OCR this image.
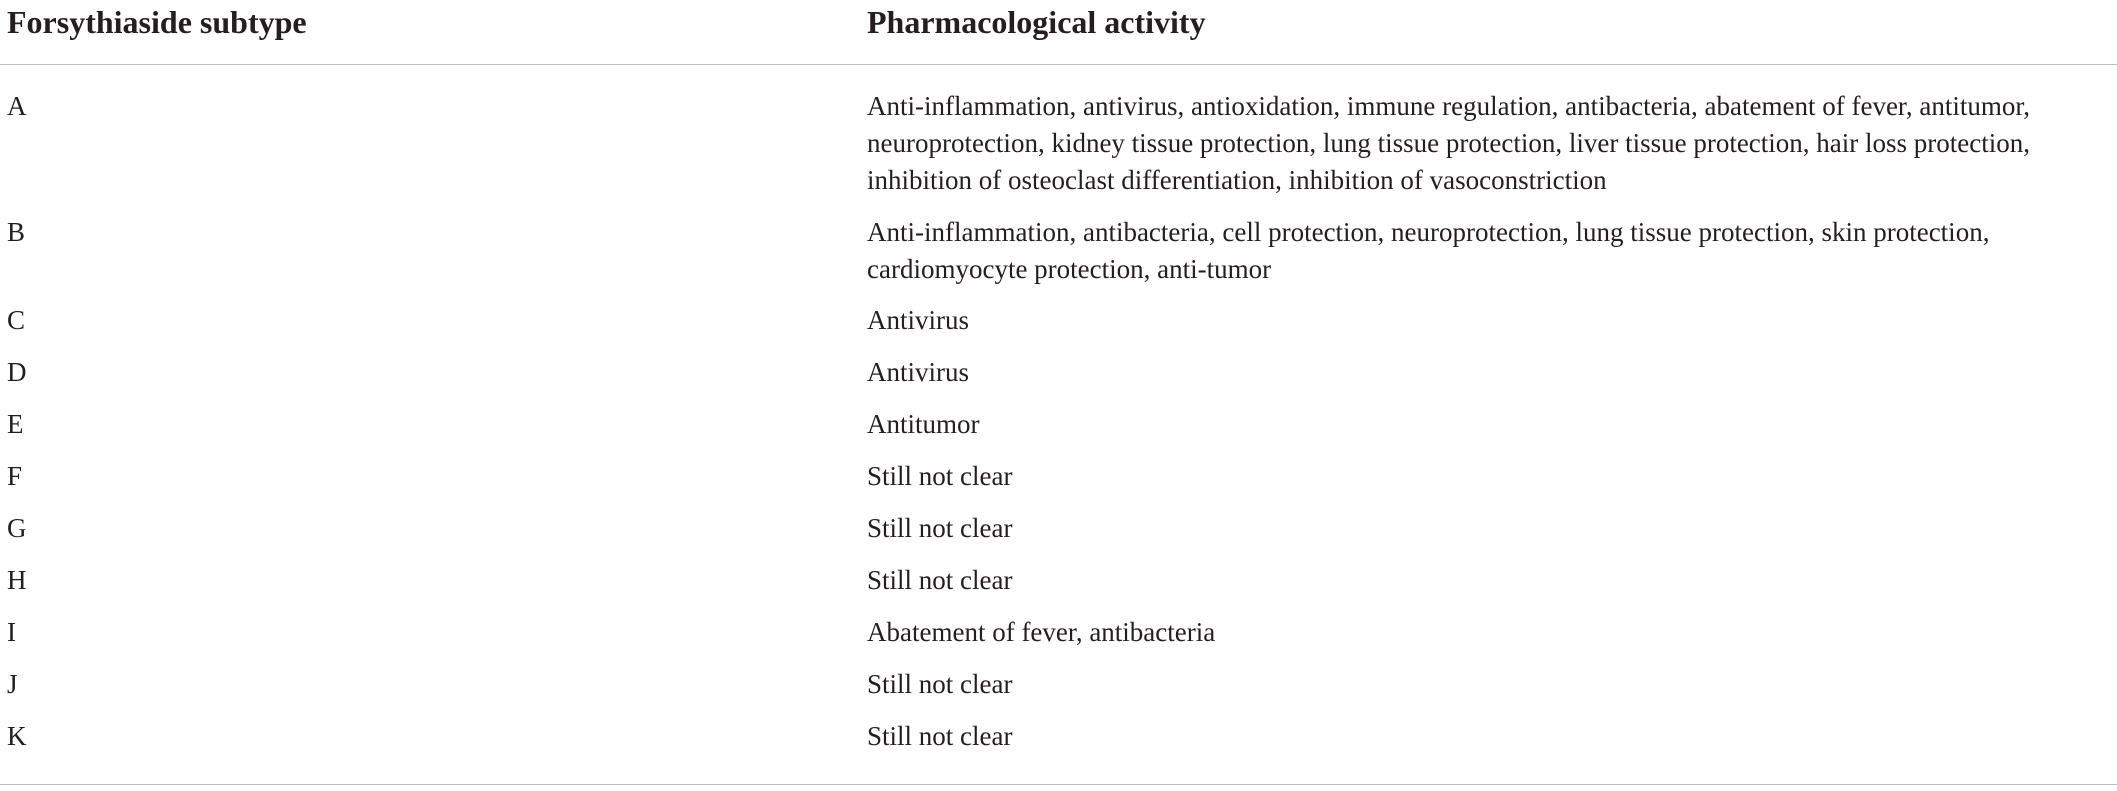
Forsythiaside subtype	Pharmacological activity
A	Anti-inflammation, antivirus, antioxidation, immune regulation, antibacteria, abatement of fever, antitumor, neuroprotection, kidney tissue protection, lung tissue protection, liver tissue protection, hair loss protection, inhibition of osteoclast differentiation, inhibition of vasoconstriction
B	Anti-inflammation, antibacteria, cell protection, neuroprotection, lung tissue protection, skin protection, cardiomyocyte protection, anti-tumor
C	Antivirus
D	Antivirus
E	Antitumor
F	Still not clear
G	Still not clear
H	Still not clear
I	Abatement of fever, antibacteria
J	Still not clear
K	Still not clear
